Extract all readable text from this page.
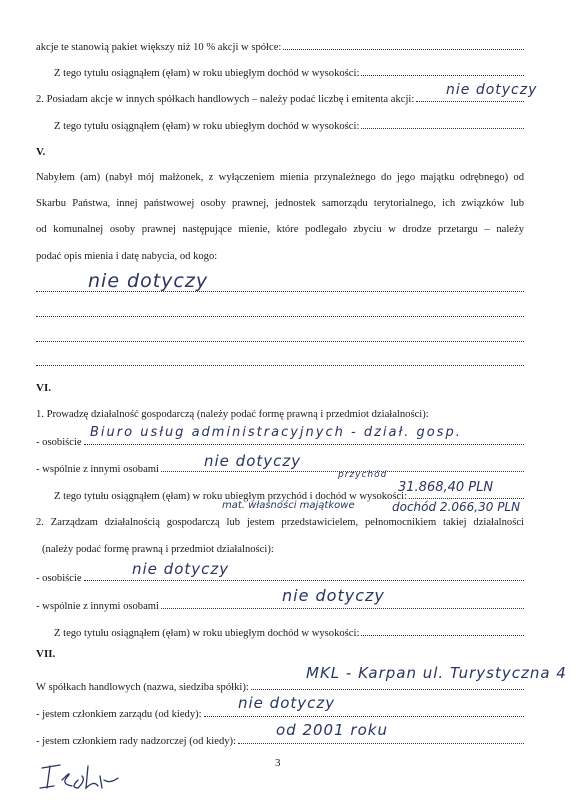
akcje te stanowią pakiet większy niż 10 % akcji w spółce:
Z tego tytułu osiągnąłem (ęłam) w roku ubiegłym dochód w wysokości:
2. Posiadam akcje w innych spółkach handlowych – należy podać liczbę i emitenta akcji:
nie dotyczy
Z tego tytułu osiągnąłem (ęłam) w roku ubiegłym dochód w wysokości:
V.
Nabyłem (am) (nabył mój małżonek, z wyłączeniem mienia przynależnego do jego majątku odrębnego) od
Skarbu Państwa, innej państwowej osoby prawnej, jednostek samorządu terytorialnego, ich związków lub
od komunalnej osoby prawnej następujące mienie, które podlegało zbyciu w drodze przetargu – należy
podać opis mienia i datę nabycia, od kogo:
nie dotyczy
VI.
1. Prowadzę działalność gospodarczą (należy podać formę prawną i przedmiot działalności):
- osobiście
Biuro usług administracyjnych - dział. gosp.
- wspólnie z innymi osobami	nie dotyczy
Z tego tytułu osiągnąłem (ęłam) w roku ubiegłym przychód i dochód w wysokości:
przychód
31.868,40 PLN
mat. własności majątkowe	dochód 2.066,30 PLN
2. Zarządzam działalnością gospodarczą lub jestem przedstawicielem, pełnomocnikiem takiej działalności
(należy podać formę prawną i przedmiot działalności):
- osobiście
nie dotyczy
- wspólnie z innymi osobami
nie dotyczy
Z tego tytułu osiągnąłem (ęłam) w roku ubiegłym dochód w wysokości:
VII.
W spółkach handlowych (nazwa, siedziba spółki):
MKL - Karpan ul. Turystyczna 4
- jestem członkiem zarządu (od kiedy):
nie dotyczy
- jestem członkiem rady nadzorczej (od kiedy):
od 2001 roku
3
